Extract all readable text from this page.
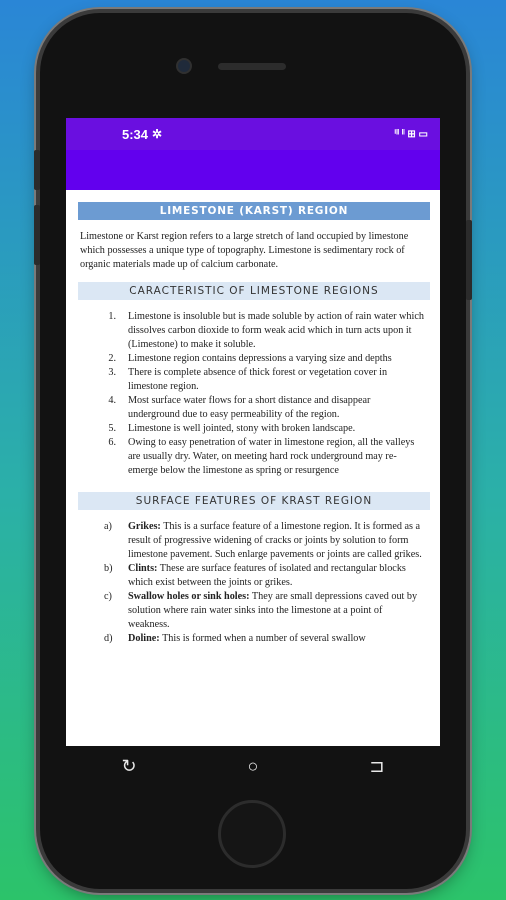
5:34 ✲	ⁱˡˡ ˡˡ ⊞ ▭
LIMESTONE (KARST) REGION

Limestone or Karst region refers to a large stretch of land occupied by limestone which possesses a unique type of topography. Limestone is sedimentary rock of organic materials made up of calcium carbonate.

CARACTERISTIC OF LIMESTONE REGIONS
1.	Limestone is insoluble but is made soluble by action of rain water which dissolves carbon dioxide to form weak acid which in turn acts upon it (Limestone) to make it soluble.
2.	Limestone region contains depressions a varying size and depths
3.	There is complete absence of thick forest or vegetation cover in limestone region.
4.	Most surface water flows for a short distance and disappear underground due to easy permeability of the region.
5.	Limestone is well jointed, stony with broken landscape.
6.	Owing to easy penetration of water in limestone region, all the valleys are usually dry. Water, on meeting hard rock underground may re-emerge below the limestone as spring or resurgence
SURFACE FEATURES OF KRAST REGION
a)	Grikes: This is a surface feature of a limestone region. It is formed as a result of progressive widening of cracks or joints by solution to form limestone pavement. Such enlarge pavements or joints are called grikes.
b)	Clints: These are surface features of isolated and rectangular blocks which exist between the joints or grikes.
c)	Swallow holes or sink holes: They are small depressions caved out by solution where rain water sinks into the limestone at a point of weakness.
d)	Doline: This is formed when a number of several swallow
↻	○	⊐
